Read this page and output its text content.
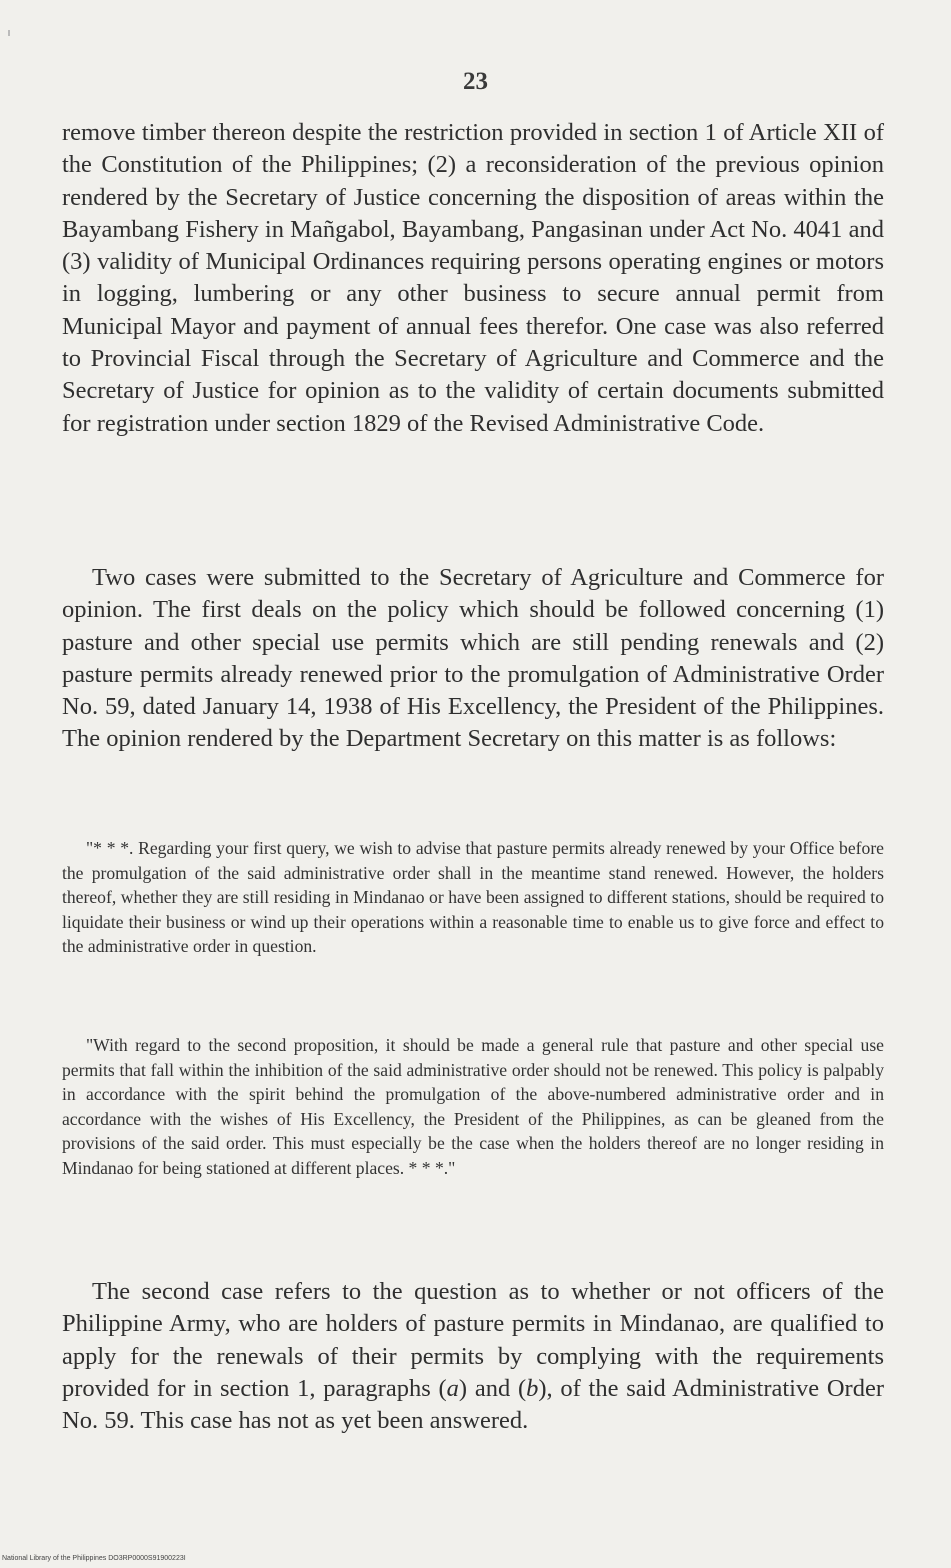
23

remove timber thereon despite the restriction provided in section 1 of Article XII of the Constitution of the Philippines; (2) a reconsideration of the previous opinion rendered by the Secretary of Justice concerning the disposition of areas within the Bayambang Fishery in Mañgabol, Bayambang, Pangasinan under Act No. 4041 and (3) validity of Municipal Ordinances requiring persons operating engines or motors in logging, lumbering or any other business to secure annual permit from Municipal Mayor and payment of annual fees therefor. One case was also referred to Provincial Fiscal through the Secretary of Agriculture and Commerce and the Secretary of Justice for opinion as to the validity of certain documents submitted for registration under section 1829 of the Revised Administrative Code.

Two cases were submitted to the Secretary of Agriculture and Commerce for opinion. The first deals on the policy which should be followed concerning (1) pasture and other special use permits which are still pending renewals and (2) pasture permits already renewed prior to the promulgation of Administrative Order No. 59, dated January 14, 1938 of His Excellency, the President of the Philippines. The opinion rendered by the Department Secretary on this matter is as follows:

"* * *. Regarding your first query, we wish to advise that pasture permits already renewed by your Office before the promulgation of the said administrative order shall in the meantime stand renewed. However, the holders thereof, whether they are still residing in Mindanao or have been assigned to different stations, should be required to liquidate their business or wind up their operations within a reasonable time to enable us to give force and effect to the administrative order in question.

"With regard to the second proposition, it should be made a general rule that pasture and other special use permits that fall within the inhibition of the said administrative order should not be renewed. This policy is palpably in accordance with the spirit behind the promulgation of the above-numbered administrative order and in accordance with the wishes of His Excellency, the President of the Philippines, as can be gleaned from the provisions of the said order. This must especially be the case when the holders thereof are no longer residing in Mindanao for being stationed at different places. * * *."

The second case refers to the question as to whether or not officers of the Philippine Army, who are holders of pasture permits in Mindanao, are qualified to apply for the renewals of their permits by complying with the requirements provided for in section 1, paragraphs (a) and (b), of the said Administrative Order No. 59. This case has not as yet been answered.

National Library of the Philippines DO3RP0000S91900223I
